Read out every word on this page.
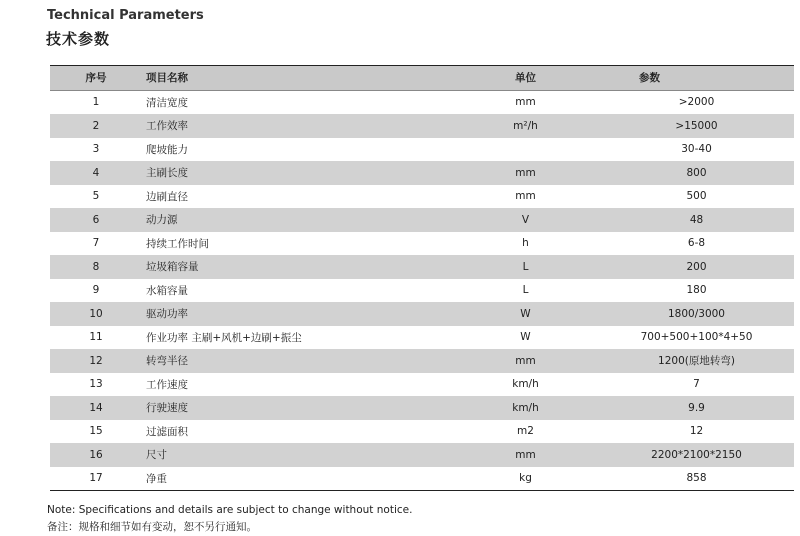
Technical Parameters
技术参数
序号	项目名称	单位	参数
1	清洁宽度	mm	>2000
2	工作效率	m²/h	>15000
3	爬坡能力		30-40
4	主刷长度	mm	800
5	边刷直径	mm	500
6	动力源	V	48
7	持续工作时间	h	6-8
8	垃圾箱容量	L	200
9	水箱容量	L	180
10	驱动功率	W	1800/3000
11	作业功率 主刷+风机+边刷+振尘	W	700+500+100*4+50
12	转弯半径	mm	1200(原地转弯)
13	工作速度	km/h	7
14	行驶速度	km/h	9.9
15	过滤面积	m2	12
16	尺寸	mm	2200*2100*2150
17	净重	kg	858
Note: Specifications and details are subject to change without notice.
备注：规格和细节如有变动，恕不另行通知。
